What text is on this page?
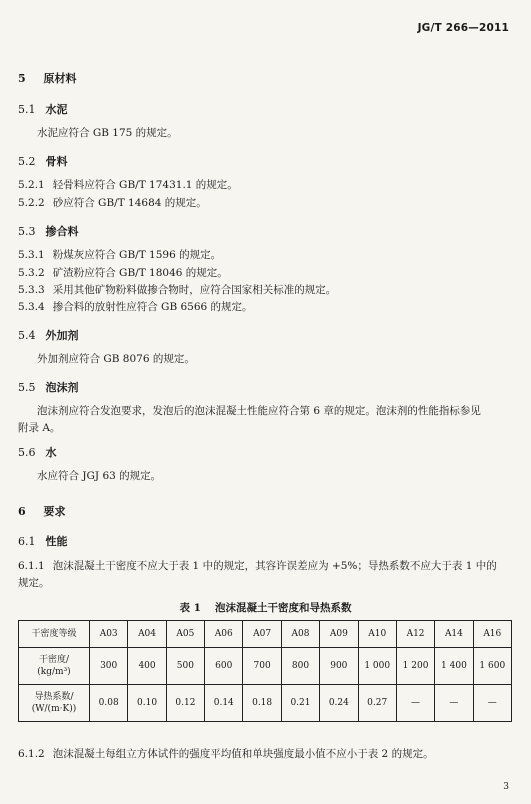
JG/T 266—2011
5 原材料
5.1 水泥
水泥应符合 GB 175 的规定。
5.2 骨料
5.2.1 轻骨料应符合 GB/T 17431.1 的规定。
5.2.2 砂应符合 GB/T 14684 的规定。
5.3 掺合料
5.3.1 粉煤灰应符合 GB/T 1596 的规定。
5.3.2 矿渣粉应符合 GB/T 18046 的规定。
5.3.3 采用其他矿物粉料做掺合物时，应符合国家相关标准的规定。
5.3.4 掺合料的放射性应符合 GB 6566 的规定。
5.4 外加剂
外加剂应符合 GB 8076 的规定。
5.5 泡沫剂
泡沫剂应符合发泡要求，发泡后的泡沫混凝土性能应符合第 6 章的规定。泡沫剂的性能指标参见
附录 A。
5.6 水
水应符合 JGJ 63 的规定。
6 要求
6.1 性能
6.1.1 泡沫混凝土干密度不应大于表 1 中的规定，其容许误差应为 +5%；导热系数不应大于表 1 中的
规定。
表 1 泡沫混凝土干密度和导热系数
干密度等级	A03	A04	A05	A06	A07	A08	A09	A10	A12	A14	A16
干密度/
(kg/m³)	300	400	500	600	700	800	900	1 000	1 200	1 400	1 600
导热系数/
(W/(m·K))	0.08	0.10	0.12	0.14	0.18	0.21	0.24	0.27	—	—	—
6.1.2 泡沫混凝土每组立方体试件的强度平均值和单块强度最小值不应小于表 2 的规定。
3
